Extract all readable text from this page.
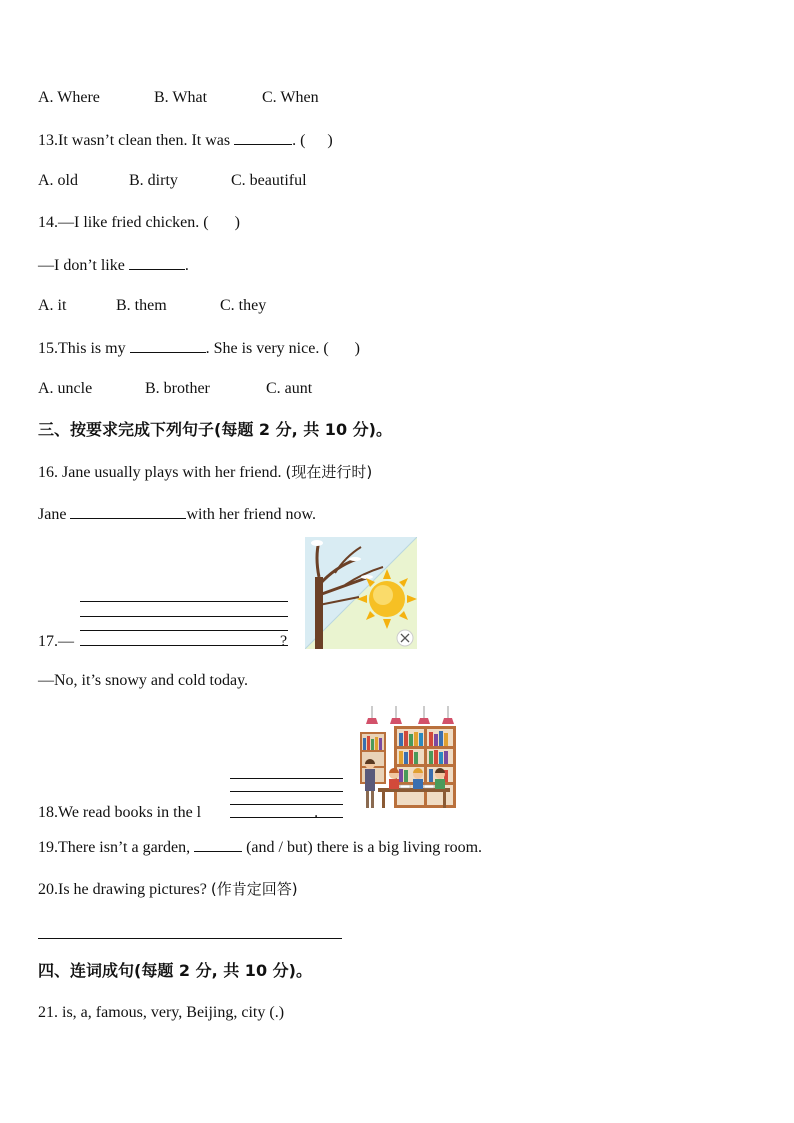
A. Where	B. What	C. When
13.It wasn’t clean then. It was	. ( )
A. old	B. dirty	C. beautiful
14.—I like fried chicken. ( )
—I don’t like	.
A. it	B. them	C. they
15.This is my	. She is very nice. ( )
A. uncle	B. brother	C. aunt
三、按要求完成下列句子(每题 2 分, 共 10 分)。
16. Jane usually plays with her friend. (现在进行时)
Jane	with her friend now.
17.—	?
—No, it’s snowy and cold today.
18.We read books in the l	.
19.There isn’t a garden,	(and / but) there is a big living room.
20.Is he drawing pictures? (作肯定回答)
四、连词成句(每题 2 分, 共 10 分)。
21. is, a, famous, very, Beijing, city (.)
